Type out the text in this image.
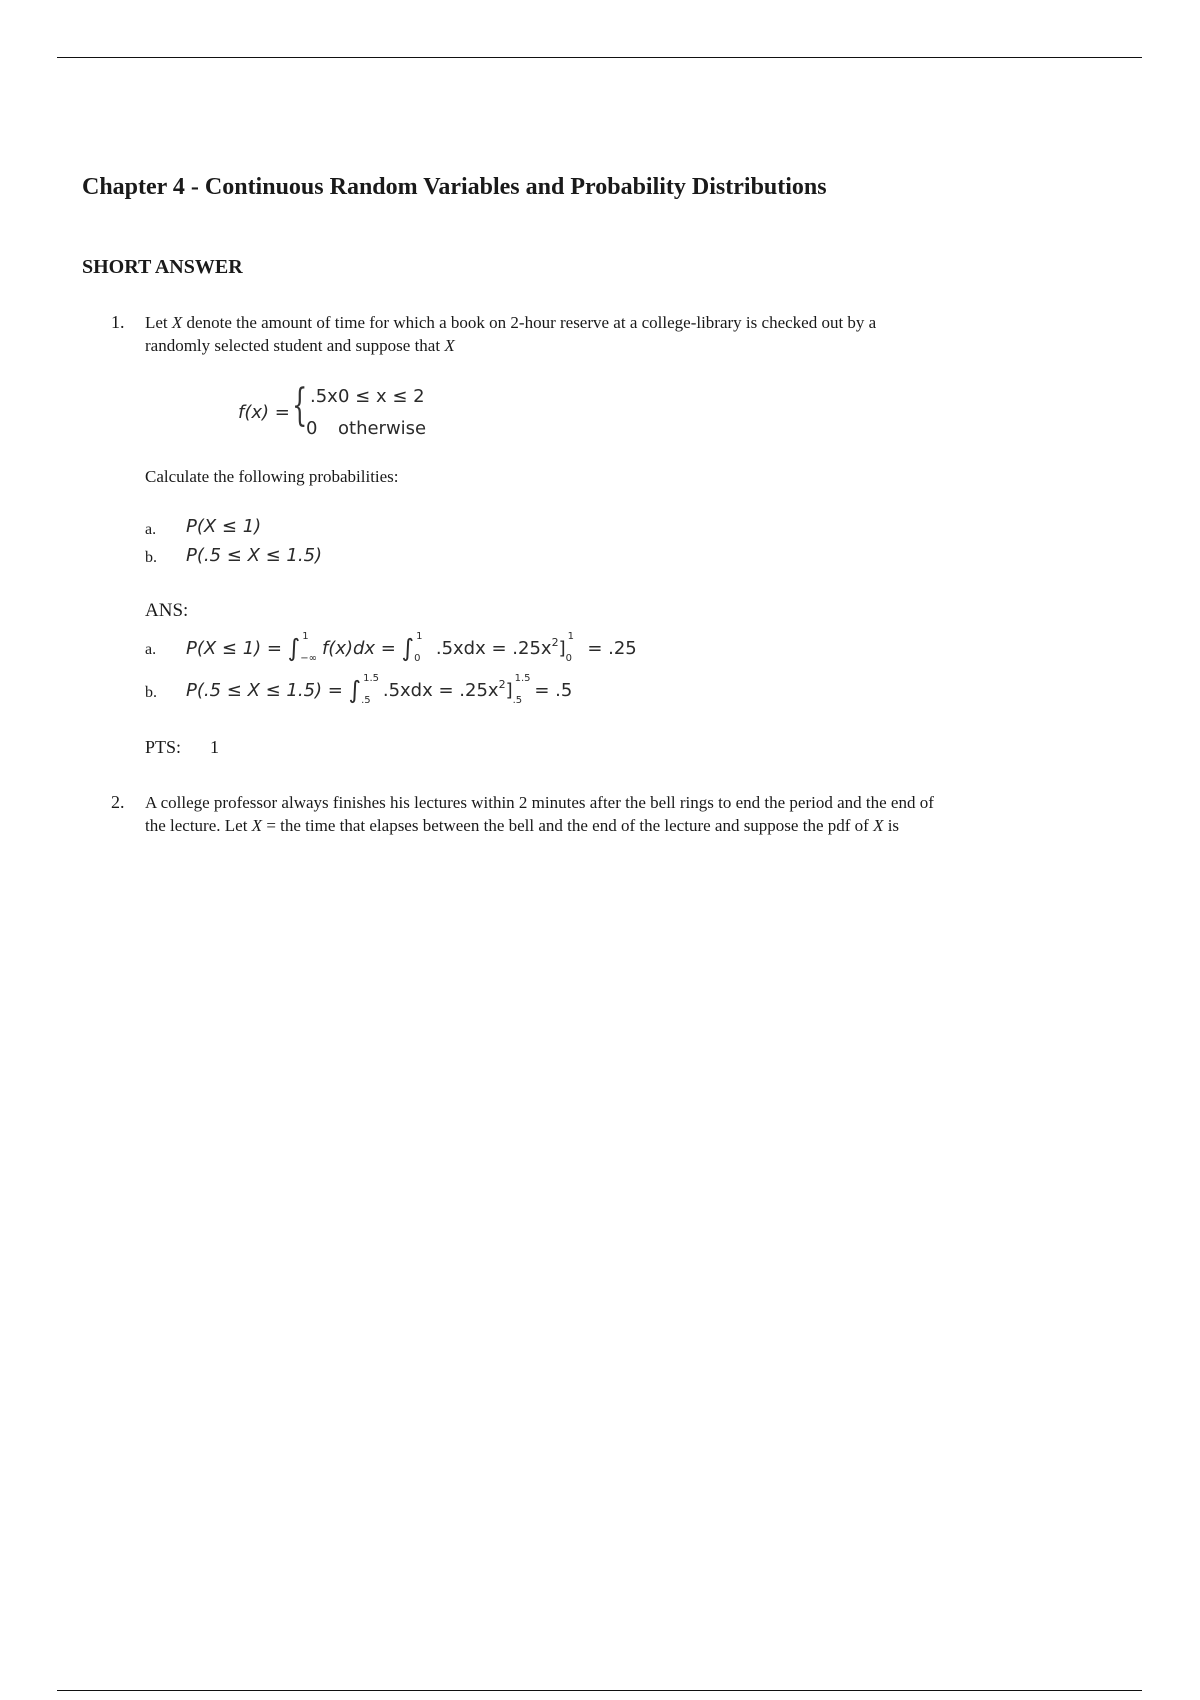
Chapter 4 - Continuous Random Variables and Probability Distributions
SHORT ANSWER
1. Let X denote the amount of time for which a book on 2-hour reserve at a college-library is checked out by a
randomly selected student and suppose that X
f(x) = { .5x 0 ≤ x ≤ 2
0 otherwise
Calculate the following probabilities:
a. P(X ≤ 1)
b. P(.5 ≤ X ≤ 1.5)
ANS:
a. P(X ≤ 1) = ∫ 1
−∞ f(x)dx = ∫ 1
0 $.5xdx = .25x^2$]
1
0 = .25
b. P(.5 ≤ X ≤ 1.5) = ∫ 1.5
.5 $.5xdx = .25x^2$]
1.5
.5 = .5
PTS: 1
2. A college professor always finishes his lectures within 2 minutes after the bell rings to end the period and the end of
the lecture. Let X = the time that elapses between the bell and the end of the lecture and suppose the pdf of X is
